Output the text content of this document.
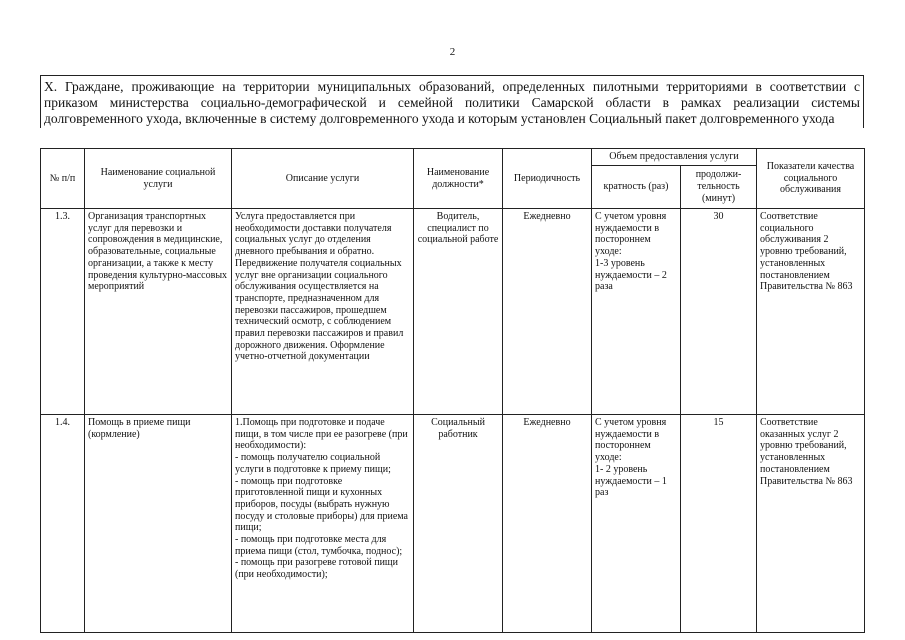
2
X. Граждане, проживающие на территории муниципальных образований, определенных пилотными территориями в соответствии с приказом министерства социально-демографической и семейной политики Самарской области в рамках реализации системы долговременного ухода, включенные в систему долговременного ухода и которым установлен Социальный пакет долговременного ухода
№ п/п	Наименование социальной услуги	Описание услуги	Наименование должности*	Периодичность	Объем предоставления услуги		Показатели качества социального обслуживания
					кратность (раз)	продолжи-тельность (минут)	
1.3.	Организация транспортных услуг для перевозки и сопровождения в медицинские, образовательные, социальные организации, а также к месту проведения культурно-массовых мероприятий	Услуга предоставляется при необходимости доставки получателя социальных услуг до отделения дневного пребывания и обратно. Передвижение получателя социальных услуг вне организации социального обслуживания осуществляется на транспорте, предназначенном для перевозки пассажиров, прошедшем технический осмотр, с соблюдением правил перевозки пассажиров и правил дорожного движения. Оформление учетно-отчетной документации	Водитель, специалист по социальной работе	Ежедневно	С учетом уровня нуждаемости в постороннем уходе:
1-3 уровень нуждаемости – 2 раза	30	Соответствие социального обслуживания 2 уровню требований, установленных постановлением Правительства № 863
1.4.	Помощь в приеме пищи (кормление)	1.Помощь при подготовке и подаче пищи, в том числе при ее разогреве (при необходимости):
- помощь получателю социальной услуги в подготовке к приему пищи;
- помощь при подготовке приготовленной пищи и кухонных приборов, посуды (выбрать нужную посуду и столовые приборы) для приема пищи;
- помощь при подготовке места для приема пищи (стол, тумбочка, поднос);
- помощь при разогреве готовой пищи (при необходимости);	Социальный работник	Ежедневно	С учетом уровня нуждаемости в постороннем уходе:
1- 2 уровень нуждаемости – 1 раз	15	Соответствие оказанных услуг 2 уровню требований, установленных постановлением Правительства № 863
